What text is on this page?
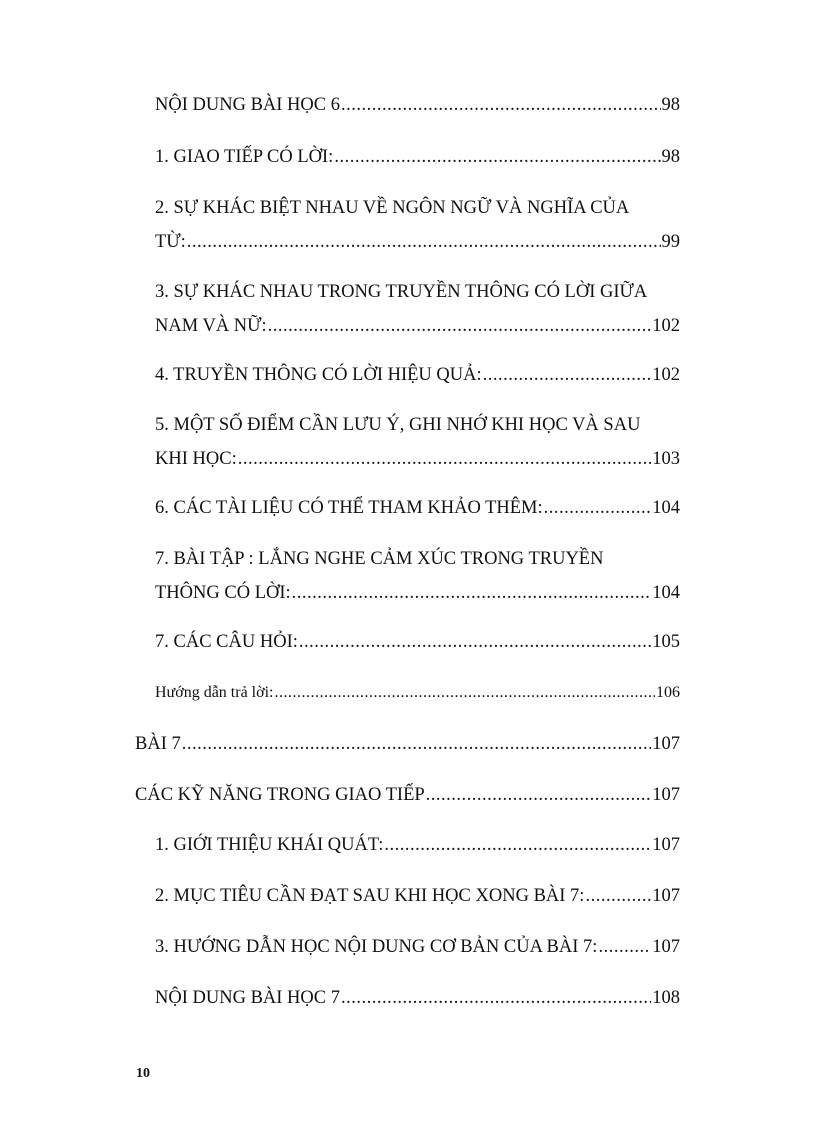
NỘI DUNG BÀI HỌC 6 .....	98
1. GIAO TIẾP CÓ LỜI: .....	98
2. SỰ KHÁC BIỆT NHAU VỀ NGÔN NGỮ VÀ NGHĨA CỦA
TỪ: .....	99
3. SỰ KHÁC NHAU TRONG TRUYỀN THÔNG CÓ LỜI GIỮA
NAM VÀ NỮ: .....	102
4. TRUYỀN THÔNG CÓ LỜI HIỆU QUẢ: .....	102
5. MỘT SỐ ĐIỂM CẦN LƯU Ý, GHI NHỚ KHI HỌC VÀ SAU
KHI HỌC: .....	103
6. CÁC TÀI LIỆU CÓ THỂ THAM KHẢO THÊM: .....	104
7. BÀI TẬP : LẮNG NGHE CẢM XÚC TRONG TRUYỀN
THÔNG CÓ LỜI: .....	104
7. CÁC CÂU HỎI: .....	105
Hướng dẫn trả lời: .....	106
BÀI 7 .....	107
CÁC KỸ NĂNG TRONG GIAO TIẾP .....	107
1. GIỚI THIỆU KHÁI QUÁT: .....	107
2. MỤC TIÊU CẦN ĐẠT SAU KHI HỌC XONG BÀI 7: .....	107
3. HƯỚNG DẪN HỌC NỘI DUNG CƠ BẢN CỦA BÀI 7: .....	107
NỘI DUNG BÀI HỌC 7 .....	108
10
